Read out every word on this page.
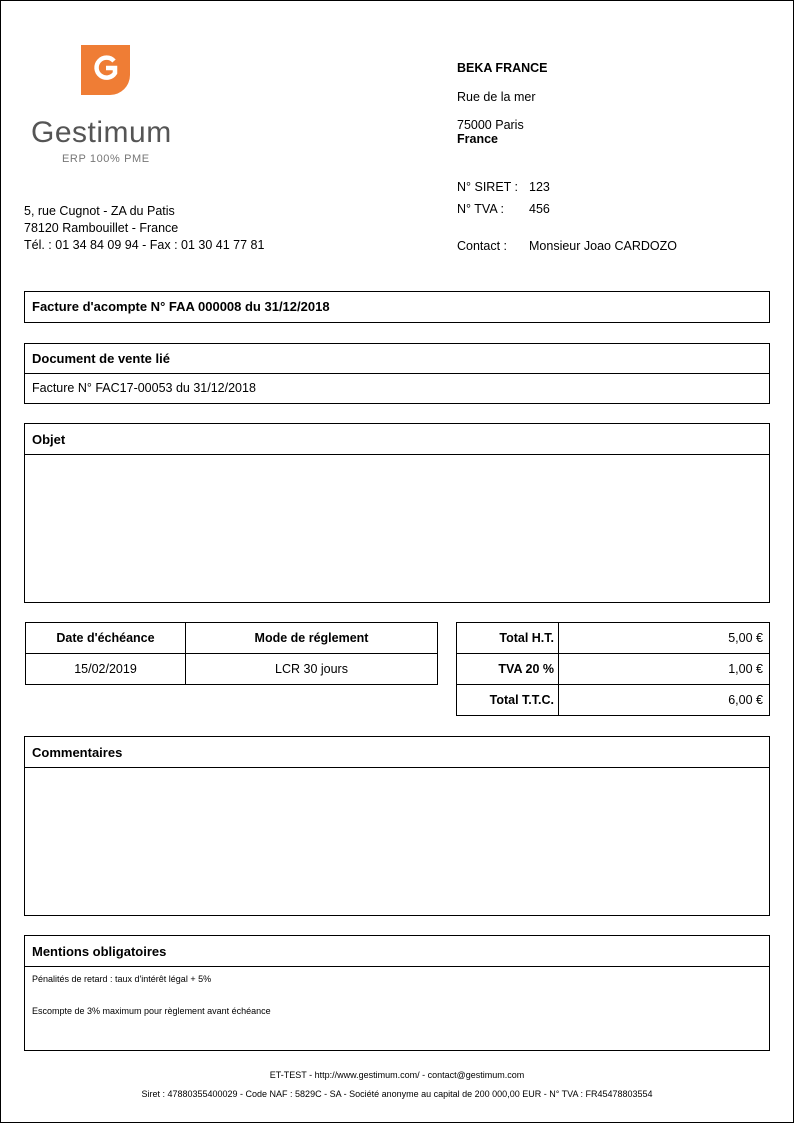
Gestimum
ERP 100% PME
5, rue Cugnot - ZA du Patis
78120 Rambouillet - France
Tél. : 01 34 84 09 94 - Fax : 01 30 41 77 81
BEKA FRANCE
Rue de la mer
75000 Paris
France
N° SIRET : 123
N° TVA : 456
Contact : Monsieur Joao CARDOZO
Facture d'acompte N° FAA 000008 du 31/12/2018
Document de vente lié
Facture N° FAC17-00053 du 31/12/2018
Objet
Date d'échéance	Mode de réglement
15/02/2019	LCR 30 jours
Total H.T.	5,00 €
TVA 20 %	1,00 €
Total T.T.C.	6,00 €
Commentaires
Mentions obligatoires
Pénalités de retard : taux d'intérêt légal + 5%
Escompte de 3% maximum pour règlement avant échéance
ET-TEST - http://www.gestimum.com/ - contact@gestimum.com
Siret : 47880355400029 - Code NAF : 5829C - SA - Société anonyme au capital de 200 000,00 EUR - N° TVA : FR45478803554
